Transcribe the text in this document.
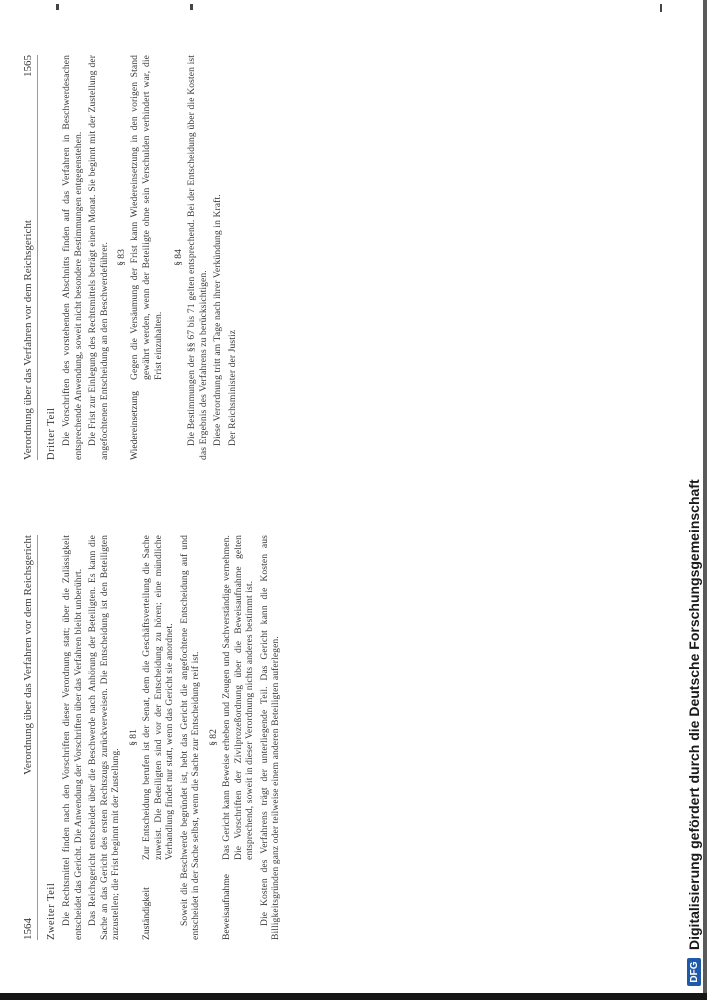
1564
Verordnung über das Verfahren vor dem Reichsgericht
Zweiter Teil Die Rechtsmittel finden nach den Vorschriften dieser Verordnung statt; über die Zulässigkeit entscheidet das Gericht. Die Anwendung der Vorschriften über das Verfahren bleibt unberührt. Das Reichsgericht entscheidet über die Beschwerde nach Anhörung der Beteiligten. Es kann die Sache an das Gericht des ersten Rechtszugs zurückverweisen. Die Entscheidung ist den Beteiligten zuzustellen; die Frist beginnt mit der Zustellung.

§ 81
Zuständigkeit

Zur Entscheidung berufen ist der Senat, dem die Geschäftsverteilung die Sache zuweist. Die Beteiligten sind vor der Entscheidung zu hören; eine mündliche Verhandlung findet nur statt, wenn das Gericht sie anordnet. Soweit die Beschwerde begründet ist, hebt das Gericht die angefochtene Entscheidung auf und entscheidet in der Sache selbst, wenn die Sache zur Entscheidung reif ist. § 82
Beweisaufnahme

Das Gericht kann Beweise erheben und Zeugen und Sachverständige vernehmen. Die Vorschriften der Zivilprozeßordnung über die Beweisaufnahme gelten entsprechend, soweit in dieser Verordnung nichts anderes bestimmt ist. Die Kosten des Verfahrens trägt der unterliegende Teil. Das Gericht kann die Kosten aus Billigkeitsgründen ganz oder teilweise einem anderen Beteiligten auferlegen.

Verordnung über das Verfahren vor dem Reichsgericht
1565
Dritter Teil Die Vorschriften des vorstehenden Abschnitts finden auf das Verfahren in Beschwerdesachen entsprechende Anwendung, soweit nicht besondere Bestimmungen entgegenstehen. Die Frist zur Einlegung des Rechtsmittels beträgt einen Monat. Sie beginnt mit der Zustellung der angefochtenen Entscheidung an den Beschwerdeführer. § 83
Wiedereinsetzung

Gegen die Versäumung der Frist kann Wiedereinsetzung in den vorigen Stand gewährt werden, wenn der Beteiligte ohne sein Verschulden verhindert war, die Frist einzuhalten.

§ 84 Die Bestimmungen der §§ 67 bis 71 gelten entsprechend. Bei der Entscheidung über die Kosten ist das Ergebnis des Verfahrens zu berücksichtigen. Diese Verordnung tritt am Tage nach ihrer Verkündung in Kraft. Der Reichsminister der Justiz

DFG
Digitalisierung gefördert durch die Deutsche Forschungsgemeinschaft
